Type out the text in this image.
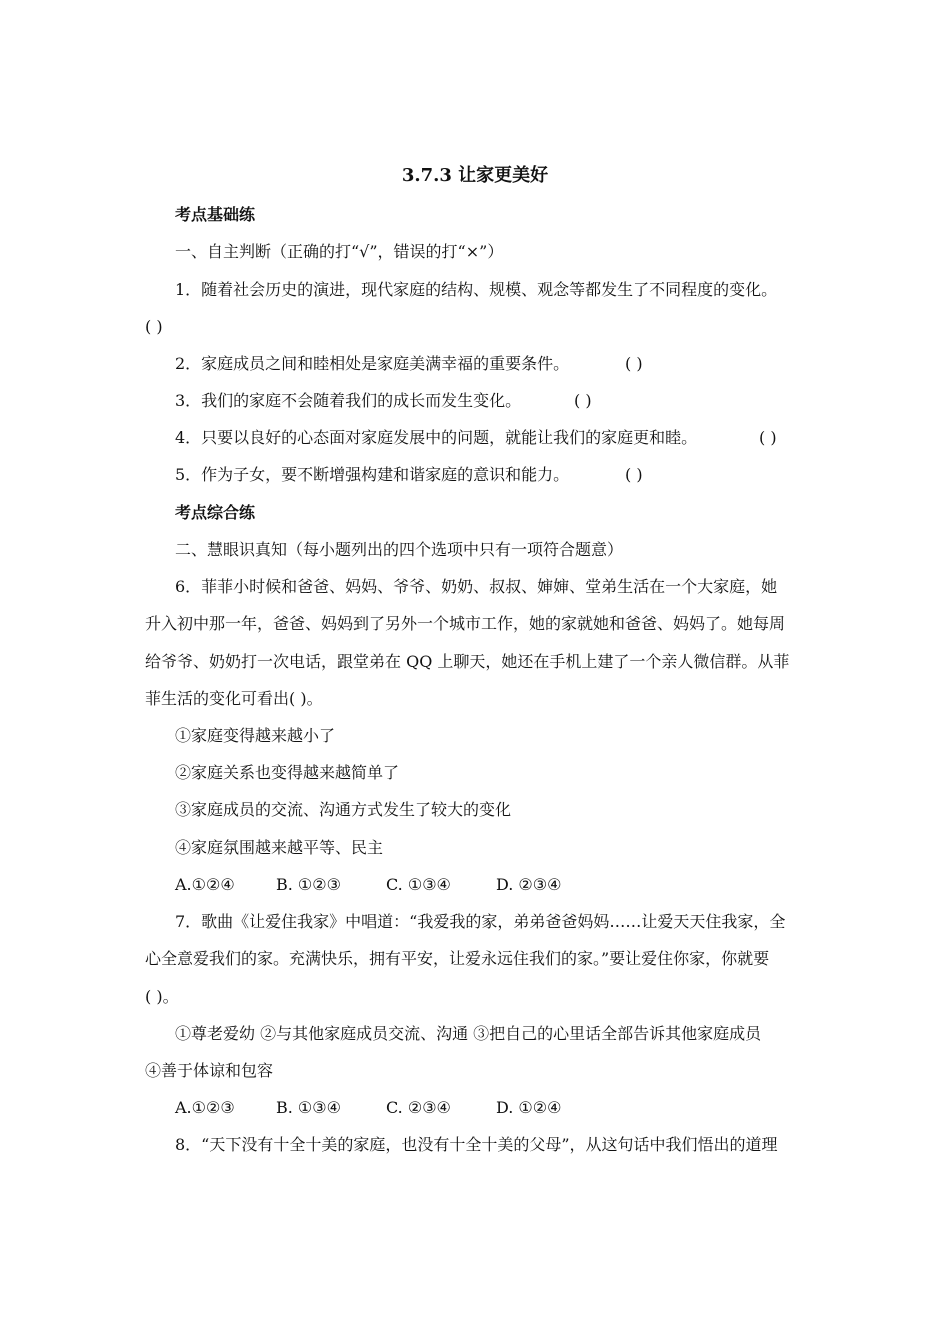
3.7.3 让家更美好
考点基础练
一、自主判断（正确的打“√”，错误的打“×”）
1．随着社会历史的演进，现代家庭的结构、规模、观念等都发生了不同程度的变化。
( )
2．家庭成员之间和睦相处是家庭美满幸福的重要条件。	( )
3．我们的家庭不会随着我们的成长而发生变化。	( )
4．只要以良好的心态面对家庭发展中的问题，就能让我们的家庭更和睦。	( )
5．作为子女，要不断增强构建和谐家庭的意识和能力。	( )
考点综合练
二、慧眼识真知（每小题列出的四个选项中只有一项符合题意）
6．菲菲小时候和爸爸、妈妈、爷爷、奶奶、叔叔、婶婶、堂弟生活在一个大家庭，她
升入初中那一年，爸爸、妈妈到了另外一个城市工作，她的家就她和爸爸、妈妈了。她每周
给爷爷、奶奶打一次电话，跟堂弟在 QQ 上聊天，她还在手机上建了一个亲人微信群。从菲
菲生活的变化可看出( )。
①家庭变得越来越小了
②家庭关系也变得越来越简单了
③家庭成员的交流、沟通方式发生了较大的变化
④家庭氛围越来越平等、民主
A.①②④	B. ①②③	C. ①③④	D. ②③④
7．歌曲《让爱住我家》中唱道：“我爱我的家，弟弟爸爸妈妈……让爱天天住我家，全
心全意爱我们的家。充满快乐，拥有平安，让爱永远住我们的家。”要让爱住你家，你就要
( )。
①尊老爱幼 ②与其他家庭成员交流、沟通 ③把自己的心里话全部告诉其他家庭成员
④善于体谅和包容
A.①②③	B. ①③④	C. ②③④	D. ①②④
8．“天下没有十全十美的家庭，也没有十全十美的父母”，从这句话中我们悟出的道理
